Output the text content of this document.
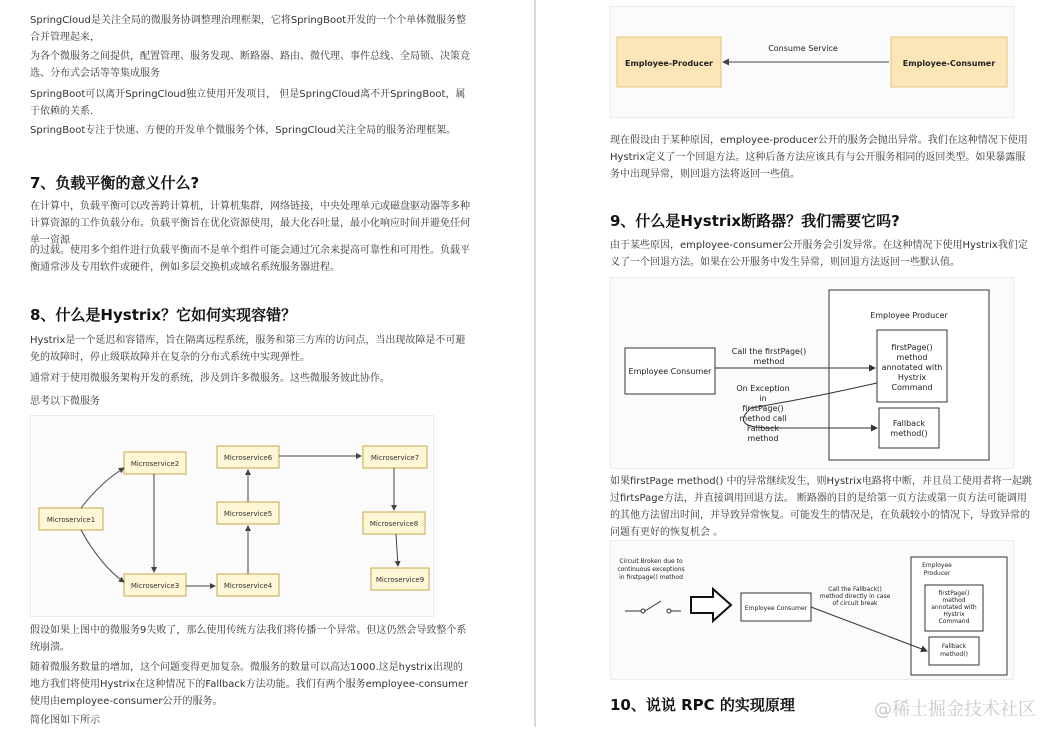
SpringCloud是关注全局的微服务协调整理治理框架，它将SpringBoot开发的一个个单体微服务整合并管理起来，
为各个微服务之间提供，配置管理、服务发现、断路器、路由、微代理、事件总线、全局锁、决策竞选、分布式会话等等集成服务
SpringBoot可以离开SpringCloud独立使用开发项目， 但是SpringCloud离不开SpringBoot，属于依赖的关系.
SpringBoot专注于快速、方便的开发单个微服务个体，SpringCloud关注全局的服务治理框架。
7、负载平衡的意义什么?
在计算中，负载平衡可以改善跨计算机，计算机集群，网络链接，中央处理单元或磁盘驱动器等多种计算资源的工作负载分布。负载平衡旨在优化资源使用，最大化吞吐量，最小化响应时间并避免任何单一资源
的过载。使用多个组件进行负载平衡而不是单个组件可能会通过冗余来提高可靠性和可用性。负载平衡通常涉及专用软件或硬件，例如多层交换机或域名系统服务器进程。
8、什么是Hystrix？它如何实现容错？
Hystrix是一个延迟和容错库，旨在隔离远程系统，服务和第三方库的访问点，当出现故障是不可避免的故障时，停止级联故障并在复杂的分布式系统中实现弹性。
通常对于使用微服务架构开发的系统，涉及到许多微服务。这些微服务彼此协作。
思考以下微服务
Microservice1
Microservice2
Microservice3	Microservice4
Microservice5
Microservice6	Microservice7
Microservice8
Microservice9
假设如果上图中的微服务9失败了，那么使用传统方法我们将传播一个异常。但这仍然会导致整个系统崩溃。
随着微服务数量的增加，这个问题变得更加复杂。微服务的数量可以高达1000.这是hystrix出现的地方我们将使用Hystrix在这种情况下的Fallback方法功能。我们有两个服务employee-consumer使用由employee-consumer公开的服务。
简化图如下所示
Employee-Producer	Employee-Consumer
Consume Service
现在假设由于某种原因，employee-producer公开的服务会抛出异常。我们在这种情况下使用Hystrix定义了一个回退方法。这种后备方法应该具有与公开服务相同的返回类型。如果暴露服务中出现异常，则回退方法将返回一些值。
9、什么是Hystrix断路器？我们需要它吗?
由于某些原因，employee-consumer公开服务会引发异常。在这种情况下使用Hystrix我们定义了一个回退方法。如果在公开服务中发生异常，则回退方法返回一些默认值。
Employee Producer
Employee Consumer
Call the firstPage()
method
firstPage()
method
annotated with
Hystrix
Command
On Exception
in
firstPage()
method call
Fallback
method
Fallback
method()
如果firstPage method() 中的异常继续发生，则Hystrix电路将中断，并且员工使用者将一起跳过firtsPage方法，并直接调用回退方法。 断路器的目的是给第一页方法或第一页方法可能调用的其他方法留出时间，并导致异常恢复。可能发生的情况是，在负载较小的情况下，导致异常的问题有更好的恢复机会 。
Circuit Broken due to
continuous exceptions
in firstpage() method
Employee Consumer
Call the Fallback()
method directly in case
of circuit break
Employee
Producer
firstPage()
method
annotated with
Hystrix
Command
Fallback
method()
10、说说 RPC 的实现原理	@稀土掘金技术社区
